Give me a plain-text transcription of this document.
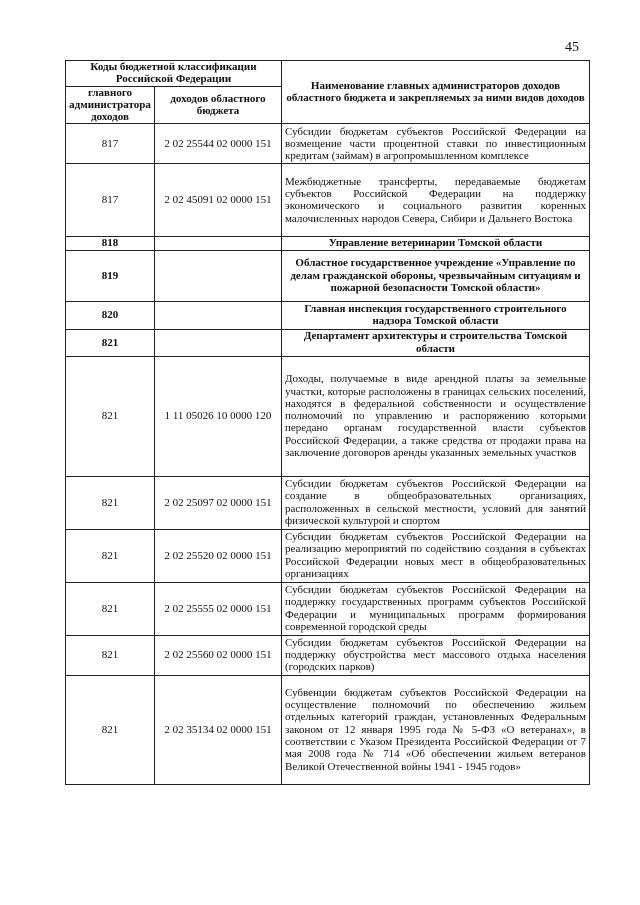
45
Коды бюджетной классификации Российской Федерации		Наименование главных администраторов доходов областного бюджета и закрепляемых за ними видов доходов
главного администратора доходов	доходов областного бюджета	
817	2 02 25544 02 0000 151	Субсидии бюджетам субъектов Российской Федерации на возмещение части процентной ставки по инвестиционным кредитам (займам) в агропромышленном комплексе
817	2 02 45091 02 0000 151	Межбюджетные трансферты, передаваемые бюджетам субъектов Российской Федерации на поддержку экономического и социального развития коренных малочисленных народов Севера, Сибири и Дальнего Востока
818		Управление ветеринарии Томской области
819		Областное государственное учреждение «Управление по делам гражданской обороны, чрезвычайным ситуациям и пожарной безопасности Томской области»
820		Главная инспекция государственного строительного надзора Томской области
821		Департамент архитектуры и строительства Томской области
821	1 11 05026 10 0000 120	Доходы, получаемые в виде арендной платы за земельные участки, которые расположены в границах сельских поселений, находятся в федеральной собственности и осуществление полномочий по управлению и распоряжению которыми передано органам государственной власти субъектов Российской Федерации, а также средства от продажи права на заключение договоров аренды указанных земельных участков
821	2 02 25097 02 0000 151	Субсидии бюджетам субъектов Российской Федерации на создание в общеобразовательных организациях, расположенных в сельской местности, условий для занятий физической культурой и спортом
821	2 02 25520 02 0000 151	Субсидии бюджетам субъектов Российской Федерации на реализацию мероприятий по содействию создания в субъектах Российской Федерации новых мест в общеобразовательных организациях
821	2 02 25555 02 0000 151	Субсидии бюджетам субъектов Российской Федерации на поддержку государственных программ субъектов Российской Федерации и муниципальных программ формирования современной городской среды
821	2 02 25560 02 0000 151	Субсидии бюджетам субъектов Российской Федерации на поддержку обустройства мест массового отдыха населения (городских парков)
821	2 02 35134 02 0000 151	Субвенции бюджетам субъектов Российской Федерации на осуществление полномочий по обеспечению жильем отдельных категорий граждан, установленных Федеральным законом от 12 января 1995 года № 5-ФЗ «О ветеранах», в соответствии с Указом Президента Российской Федерации от 7 мая 2008 года № 714 «Об обеспечении жильем ветеранов Великой Отечественной войны 1941 - 1945 годов»
